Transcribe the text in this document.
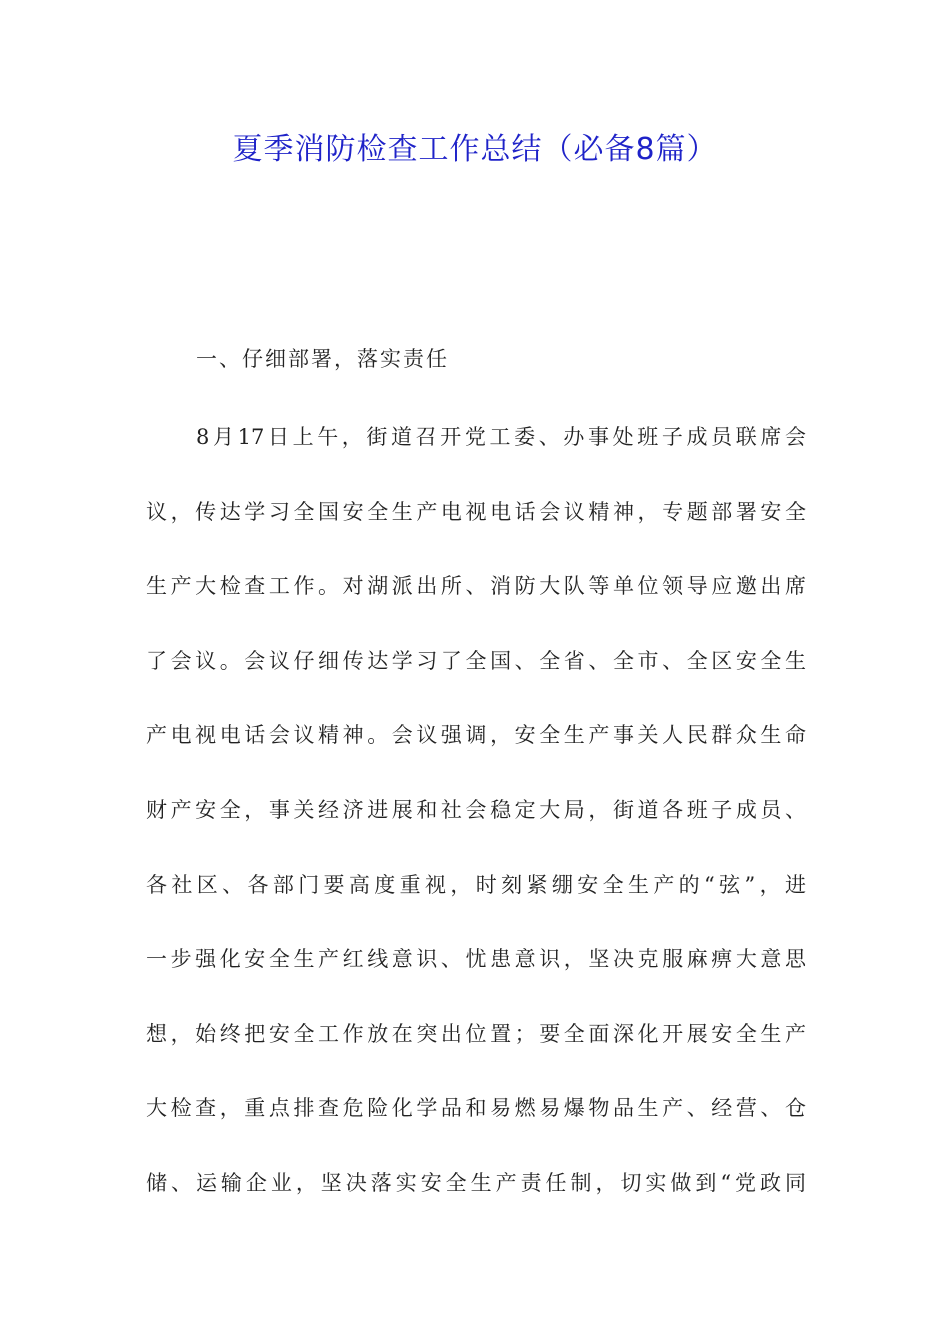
夏季消防检查工作总结（必备8篇）
一、仔细部署，落实责任
8月17日上午，街道召开党工委、办事处班子成员联席会
议，传达学习全国安全生产电视电话会议精神，专题部署安全
生产大检查工作。对湖派出所、消防大队等单位领导应邀出席
了会议。会议仔细传达学习了全国、全省、全市、全区安全生
产电视电话会议精神。会议强调，安全生产事关人民群众生命
财产安全，事关经济进展和社会稳定大局，街道各班子成员、
各社区、各部门要高度重视，时刻紧绷安全生产的“弦”，进
一步强化安全生产红线意识、忧患意识，坚决克服麻痹大意思
想，始终把安全工作放在突出位置；要全面深化开展安全生产
大检查，重点排查危险化学品和易燃易爆物品生产、经营、仓
储、运输企业，坚决落实安全生产责任制，切实做到“党政同
